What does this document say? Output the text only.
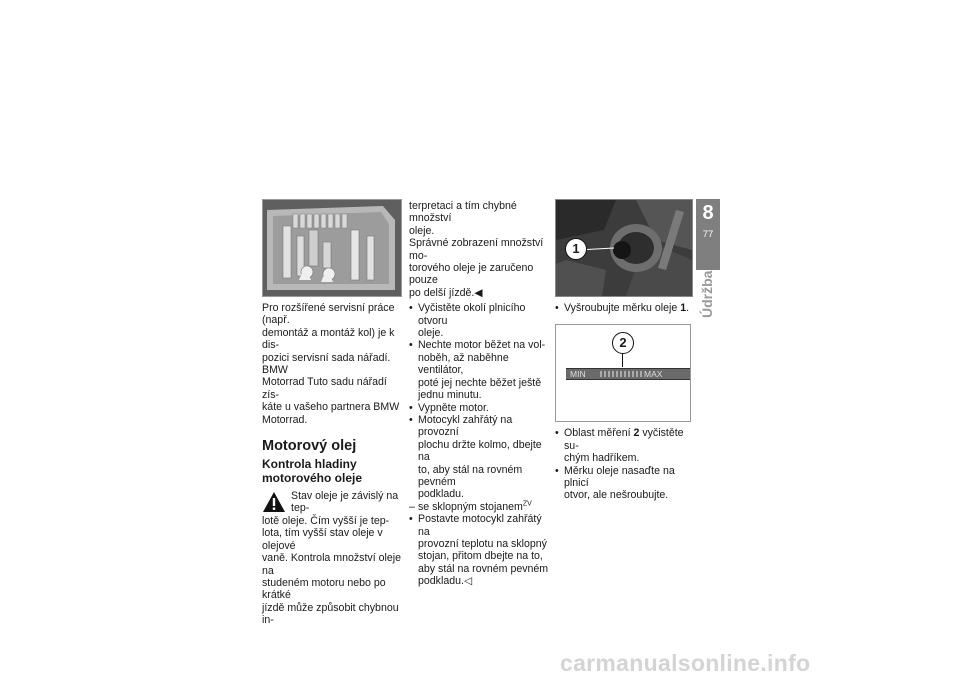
Pro rozšířené servisní práce (např.
demontáž a montáž kol) je k dis-
pozici servisní sada nářadí. BMW
Motorrad Tuto sadu nářadí zís-
káte u vašeho partnera BMW
Motorrad.
Motorový olej
Kontrola hladiny
motorového oleje
Stav oleje je závislý na tep-
lotě oleje. Čím vyšší je tep-
lota, tím vyšší stav oleje v olejové
vaně. Kontrola množství oleje na
studeném motoru nebo po krátké
jízdě může způsobit chybnou in-
terpretaci a tím chybné množství
oleje.
Správné zobrazení množství mo-
torového oleje je zaručeno pouze
po delší jízdě.◀
• Vyčistěte okolí plnicího otvoru
oleje.
• Nechte motor běžet na vol-
noběh, až naběhne ventilátor,
poté jej nechte běžet ještě
jednu minutu.
• Vypněte motor.
• Motocykl zahřátý na provozní
plochu držte kolmo, dbejte na
to, aby stál na rovném pevném
podkladu.
– se sklopným stojanem$^{ZV}$
• Postavte motocykl zahřátý na
provozní teplotu na sklopný
stojan, přitom dbejte na to,
aby stál na rovném pevném
podkladu.◁
1
• Vyšroubujte měrku oleje 1.
2
MIN	MAX
• Oblast měření 2 vyčistěte su-
chým hadříkem.
• Měrku oleje nasaďte na plnicí
otvor, ale nešroubujte.
8
77
Údržba
carmanualsonline.info
